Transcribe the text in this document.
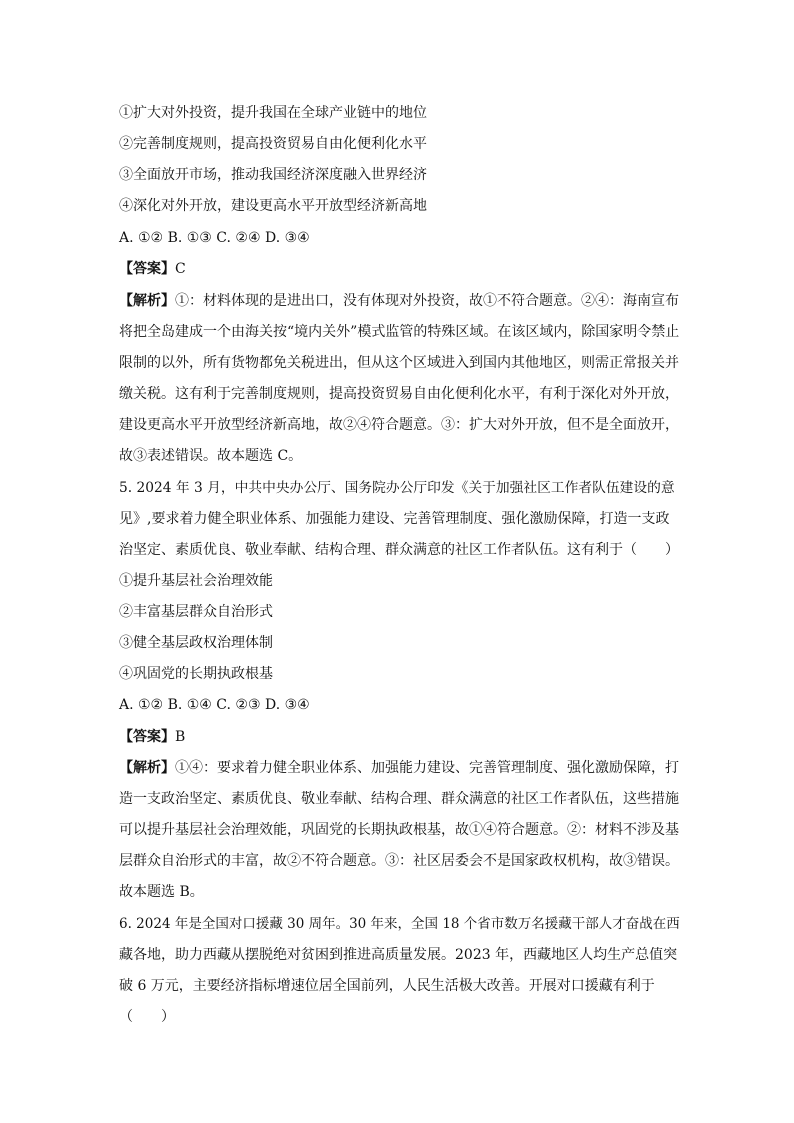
①扩大对外投资，提升我国在全球产业链中的地位
②完善制度规则，提高投资贸易自由化便利化水平
③全面放开市场，推动我国经济深度融入世界经济
④深化对外开放，建设更高水平开放型经济新高地
A. ①② B. ①③ C. ②④ D. ③④
【答案】C
【解析】①：材料体现的是进出口，没有体现对外投资，故①不符合题意。②④：海南宣布
将把全岛建成一个由海关按“境内关外”模式监管的特殊区域。在该区域内，除国家明令禁止
限制的以外，所有货物都免关税进出，但从这个区域进入到国内其他地区，则需正常报关并
缴关税。这有利于完善制度规则，提高投资贸易自由化便利化水平，有利于深化对外开放，
建设更高水平开放型经济新高地，故②④符合题意。③：扩大对外开放，但不是全面放开，
故③表述错误。故本题选 C。
5. 2024 年 3 月，中共中央办公厅、国务院办公厅印发《关于加强社区工作者队伍建设的意
见》,要求着力健全职业体系、加强能力建设、完善管理制度、强化激励保障，打造一支政
治坚定、素质优良、敬业奉献、结构合理、群众满意的社区工作者队伍。这有利于（　　）
①提升基层社会治理效能
②丰富基层群众自治形式
③健全基层政权治理体制
④巩固党的长期执政根基
A. ①② B. ①④ C. ②③ D. ③④
【答案】B
【解析】①④：要求着力健全职业体系、加强能力建设、完善管理制度、强化激励保障，打
造一支政治坚定、素质优良、敬业奉献、结构合理、群众满意的社区工作者队伍，这些措施
可以提升基层社会治理效能，巩固党的长期执政根基，故①④符合题意。②：材料不涉及基
层群众自治形式的丰富，故②不符合题意。③：社区居委会不是国家政权机构，故③错误。
故本题选 B。
6. 2024 年是全国对口援藏 30 周年。30 年来，全国 18 个省市数万名援藏干部人才奋战在西
藏各地，助力西藏从摆脱绝对贫困到推进高质量发展。2023 年，西藏地区人均生产总值突
破 6 万元，主要经济指标增速位居全国前列，人民生活极大改善。开展对口援藏有利于
（　　）
